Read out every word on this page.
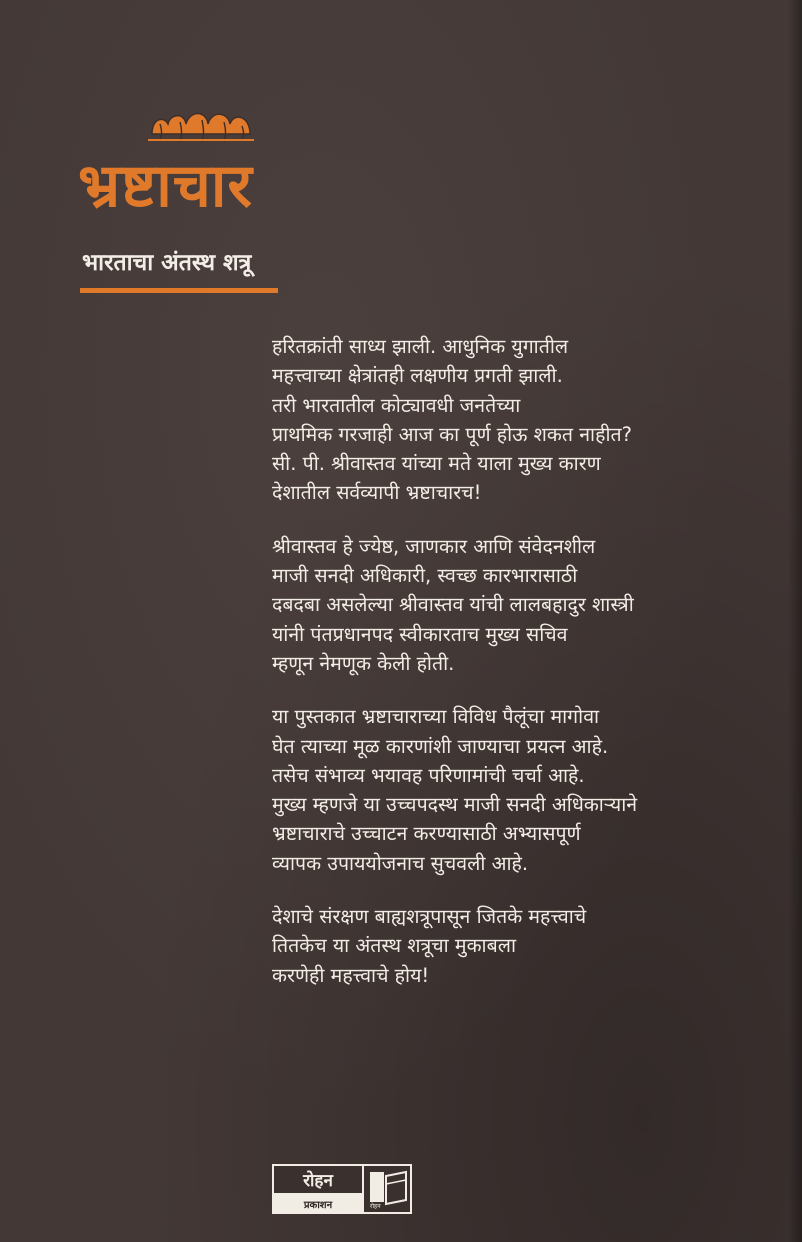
भ्रष्टाचार
भारताचा अंतस्थ शत्रू

हरितक्रांती साध्य झाली. आधुनिक युगातील
महत्त्वाच्या क्षेत्रांतही लक्षणीय प्रगती झाली.
तरी भारतातील कोट्यावधी जनतेच्या
प्राथमिक गरजाही आज का पूर्ण होऊ शकत नाहीत?
सी. पी. श्रीवास्तव यांच्या मते याला मुख्य कारण
देशातील सर्वव्यापी भ्रष्टाचारच!

श्रीवास्तव हे ज्येष्ठ, जाणकार आणि संवेदनशील
माजी सनदी अधिकारी, स्वच्छ कारभारासाठी
दबदबा असलेल्या श्रीवास्तव यांची लालबहादुर शास्त्री
यांनी पंतप्रधानपद स्वीकारताच मुख्य सचिव
म्हणून नेमणूक केली होती.

या पुस्तकात भ्रष्टाचाराच्या विविध पैलूंचा मागोवा
घेत त्याच्या मूळ कारणांशी जाण्याचा प्रयत्न आहे.
तसेच संभाव्य भयावह परिणामांची चर्चा आहे.
मुख्य म्हणजे या उच्चपदस्थ माजी सनदी अधिकाऱ्याने
भ्रष्टाचाराचे उच्चाटन करण्यासाठी अभ्यासपूर्ण
व्यापक उपाययोजनाच सुचवली आहे.

देशाचे संरक्षण बाह्यशत्रूपासून जितके महत्त्वाचे
तितकेच या अंतस्थ शत्रूचा मुकाबला
करणेही महत्त्वाचे होय!

रोहन
प्रकाशन	रोहन
